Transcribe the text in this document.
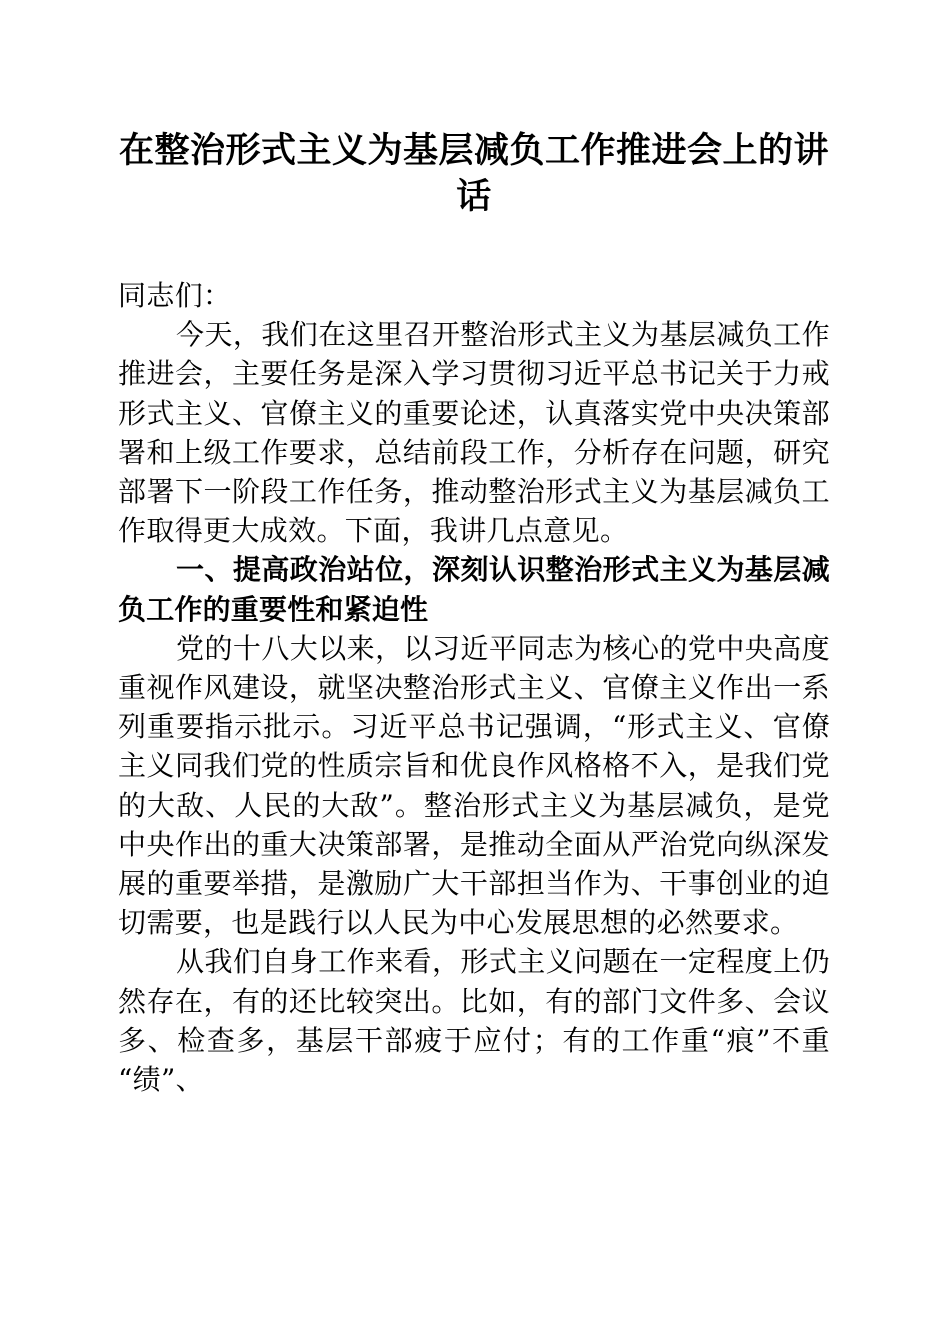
在整治形式主义为基层减负工作推进会上的讲话

同志们：

今天，我们在这里召开整治形式主义为基层减负工作推进会，主要任务是深入学习贯彻习近平总书记关于力戒形式主义、官僚主义的重要论述，认真落实党中央决策部署和上级工作要求，总结前段工作，分析存在问题，研究部署下一阶段工作任务，推动整治形式主义为基层减负工作取得更大成效。下面，我讲几点意见。

一、提高政治站位，深刻认识整治形式主义为基层减负工作的重要性和紧迫性

党的十八大以来，以习近平同志为核心的党中央高度重视作风建设，就坚决整治形式主义、官僚主义作出一系列重要指示批示。习近平总书记强调，“形式主义、官僚主义同我们党的性质宗旨和优良作风格格不入，是我们党的大敌、人民的大敌”。整治形式主义为基层减负，是党中央作出的重大决策部署，是推动全面从严治党向纵深发展的重要举措，是激励广大干部担当作为、干事创业的迫切需要，也是践行以人民为中心发展思想的必然要求。

从我们自身工作来看，形式主义问题在一定程度上仍然存在，有的还比较突出。比如，有的部门文件多、会议多、检查多，基层干部疲于应付；有的工作重“痕”不重“绩”、
